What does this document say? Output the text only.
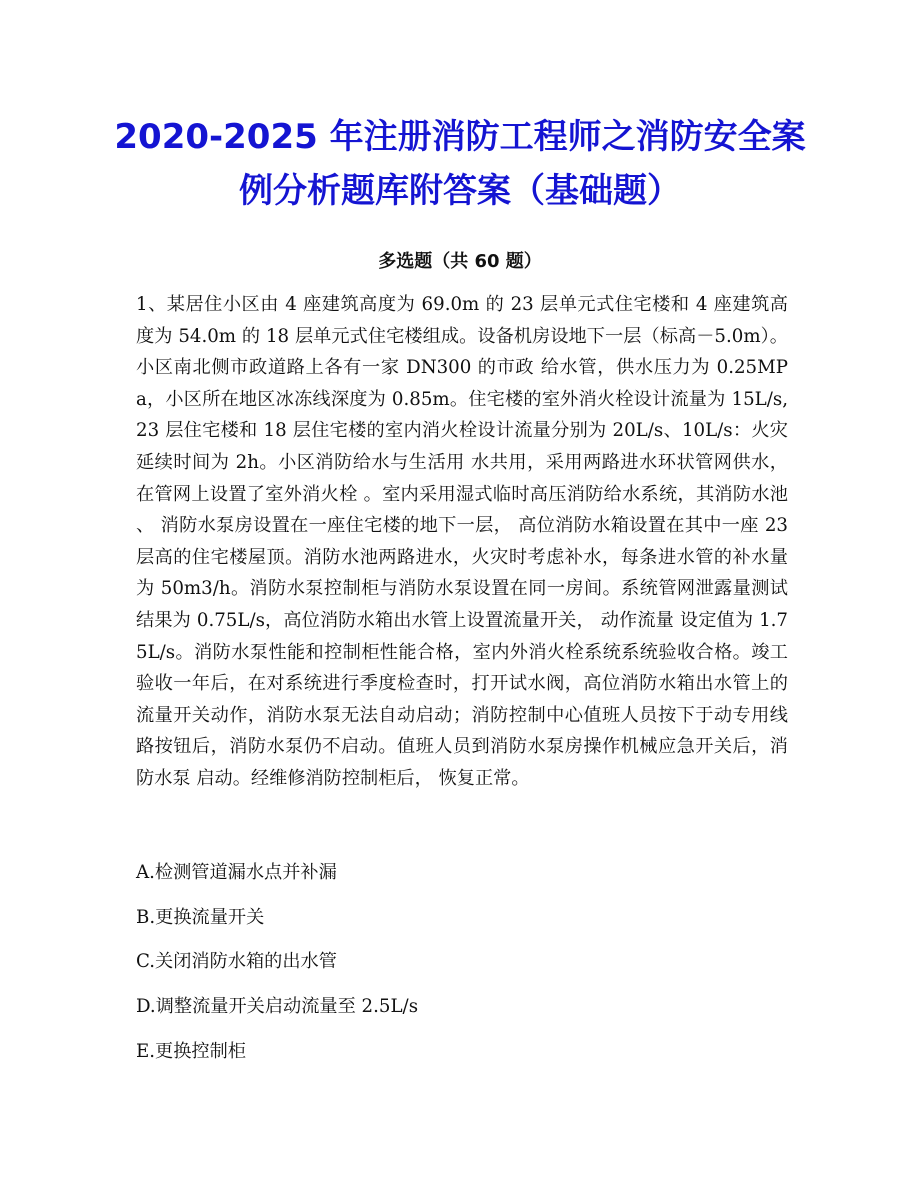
2020-2025 年注册消防工程师之消防安全案例分析题库附答案（基础题）
多选题（共 60 题）

1、某居住小区由 4 座建筑高度为 69.0m 的 23 层单元式住宅楼和 4 座建筑高度为 54.0m 的 18 层单元式住宅楼组成。设备机房设地下一层（标高－5.0m）。小区南北侧市政道路上各有一家 DN300 的市政 给水管，供水压力为 0.25MPa，小区所在地区冰冻线深度为 0.85m。住宅楼的室外消火栓设计流量为 15L/s,23 层住宅楼和 18 层住宅楼的室内消火栓设计流量分别为 20L/s、10L/s：火灾延续时间为 2h。小区消防给水与生活用 水共用，采用两路进水环状管网供水，在管网上设置了室外消火栓 。室内采用湿式临时高压消防给水系统，其消防水池 、 消防水泵房设置在一座住宅楼的地下一层， 高位消防水箱设置在其中一座 23 层高的住宅楼屋顶。消防水池两路进水，火灾时考虑补水，每条进水管的补水量为 50m3/h。消防水泵控制柜与消防水泵设置在同一房间。系统管网泄露量测试结果为 0.75L/s，高位消防水箱出水管上设置流量开关， 动作流量 设定值为 1.75L/s。消防水泵性能和控制柜性能合格，室内外消火栓系统系统验收合格。竣工验收一年后，在对系统进行季度检查时，打开试水阀，高位消防水箱出水管上的流量开关动作，消防水泵无法自动启动；消防控制中心值班人员按下于动专用线路按钮后，消防水泵仍不启动。值班人员到消防水泵房操作机械应急开关后，消防水泵 启动。经维修消防控制柜后， 恢复正常。

A.检测管道漏水点并补漏

B.更换流量开关

C.关闭消防水箱的出水管

D.调整流量开关启动流量至 2.5L/s

E.更换控制柜
